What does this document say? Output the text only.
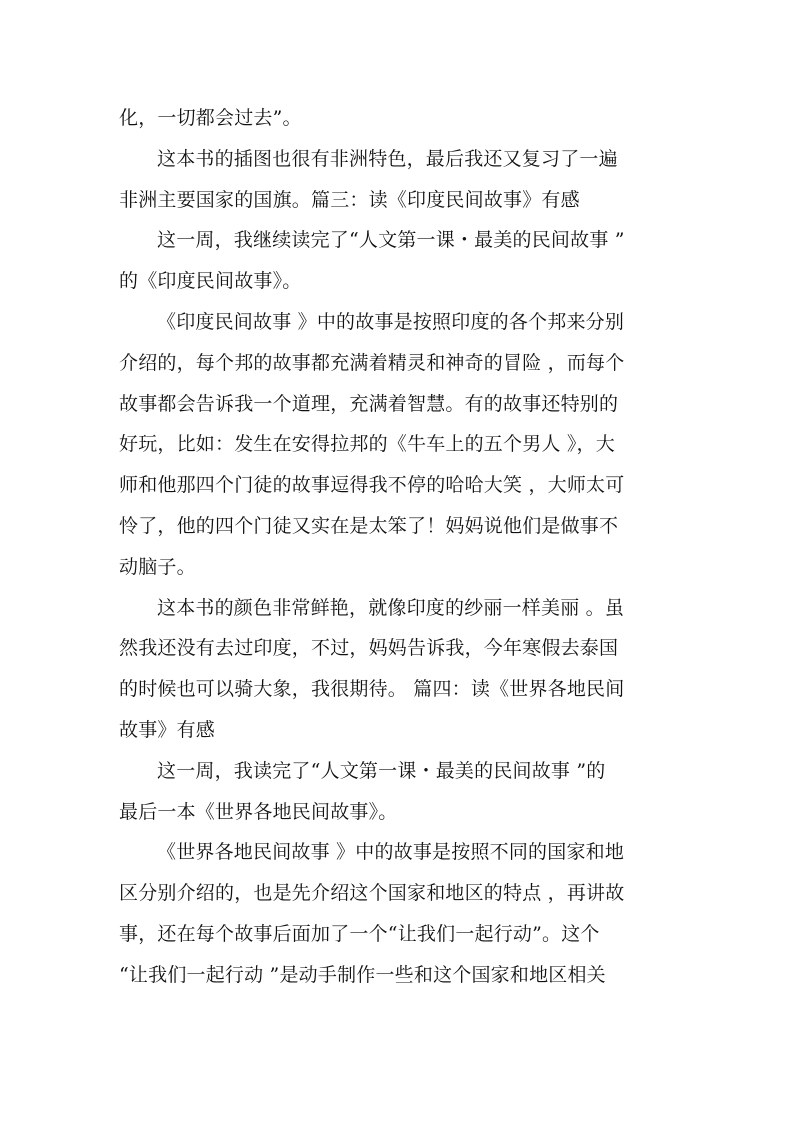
化，一切都会过去”。
这本书的插图也很有非洲特色，最后我还又复习了一遍
非洲主要国家的国旗。篇三：读《印度民间故事》有感
这一周，我继续读完了“人文第一课・最美的民间故事 ”
的《印度民间故事》。
《印度民间故事 》中的故事是按照印度的各个邦来分别
介绍的，每个邦的故事都充满着精灵和神奇的冒险 ，而每个
故事都会告诉我一个道理，充满着智慧。有的故事还特别的
好玩，比如：发生在安得拉邦的《牛车上的五个男人 》，大
师和他那四个门徒的故事逗得我不停的哈哈大笑 ，大师太可
怜了，他的四个门徒又实在是太笨了！妈妈说他们是做事不
动脑子。
这本书的颜色非常鲜艳，就像印度的纱丽一样美丽 。虽
然我还没有去过印度，不过，妈妈告诉我，今年寒假去泰国
的时候也可以骑大象，我很期待。 篇四：读《世界各地民间
故事》有感
这一周，我读完了“人文第一课・最美的民间故事 ”的
最后一本《世界各地民间故事》。
《世界各地民间故事 》中的故事是按照不同的国家和地
区分别介绍的，也是先介绍这个国家和地区的特点 ，再讲故
事，还在每个故事后面加了一个“让我们一起行动”。这个
“让我们一起行动 ”是动手制作一些和这个国家和地区相关
